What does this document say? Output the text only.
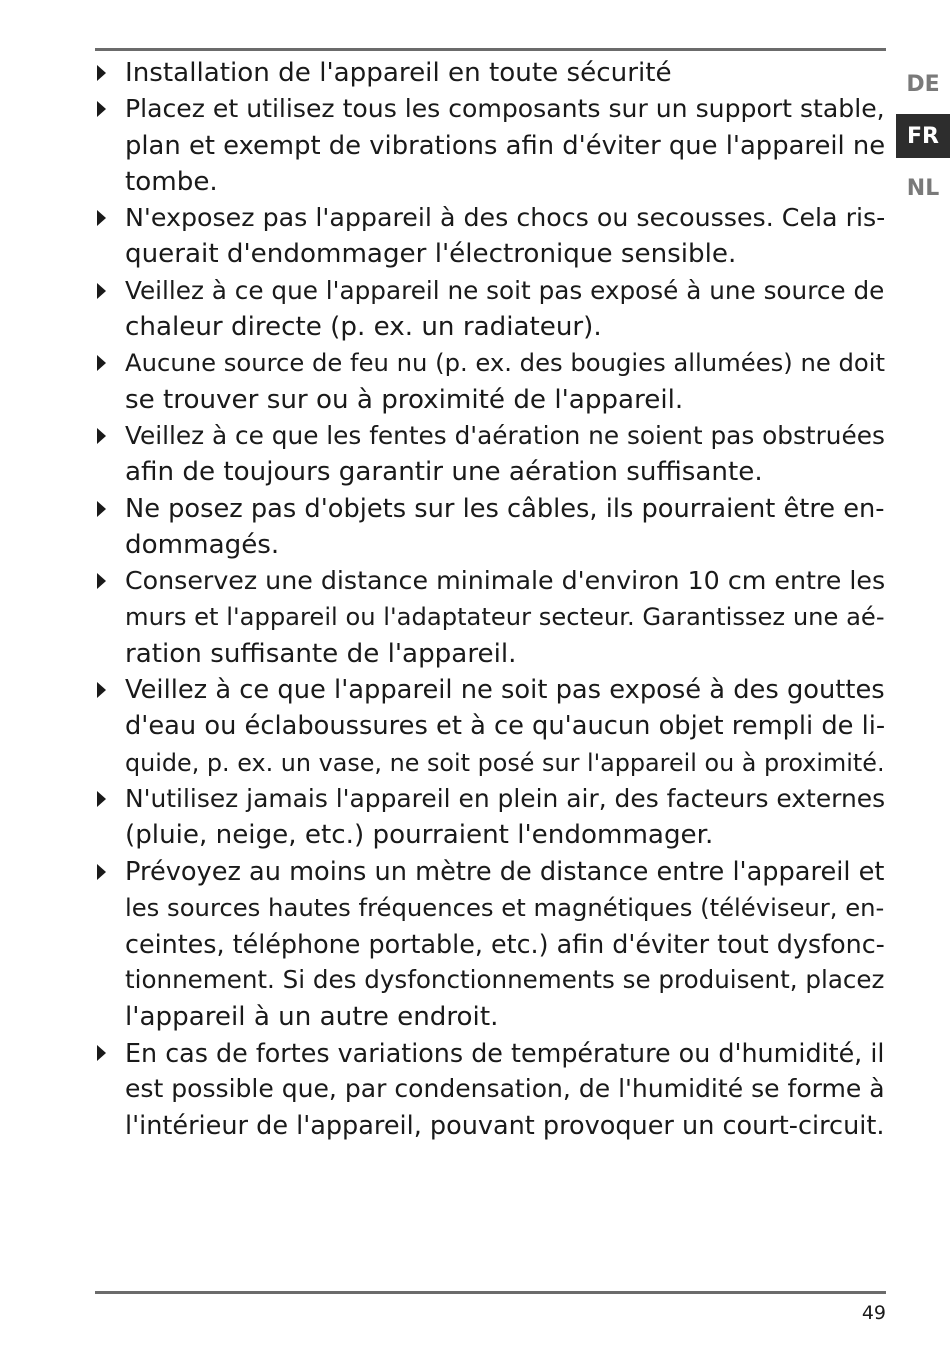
Installation de l'appareil en toute sécurité
Placez et utilisez tous les composants sur un support stable,
plan et exempt de vibrations afin d'éviter que l'appareil ne
tombe.
N'exposez pas l'appareil à des chocs ou secousses. Cela ris-
querait d'endommager l'électronique sensible.
Veillez à ce que l'appareil ne soit pas exposé à une source de
chaleur directe (p. ex. un radiateur).
Aucune source de feu nu (p. ex. des bougies allumées) ne doit
se trouver sur ou à proximité de l'appareil.
Veillez à ce que les fentes d'aération ne soient pas obstruées
afin de toujours garantir une aération suffisante.
Ne posez pas d'objets sur les câbles, ils pourraient être en-
dommagés.
Conservez une distance minimale d'environ 10 cm entre les
murs et l'appareil ou l'adaptateur secteur. Garantissez une aé-
ration suffisante de l'appareil.
Veillez à ce que l'appareil ne soit pas exposé à des gouttes
d'eau ou éclaboussures et à ce qu'aucun objet rempli de li-
quide, p. ex. un vase, ne soit posé sur l'appareil ou à proximité.
N'utilisez jamais l'appareil en plein air, des facteurs externes
(pluie, neige, etc.) pourraient l'endommager.
Prévoyez au moins un mètre de distance entre l'appareil et
les sources hautes fréquences et magnétiques (téléviseur, en-
ceintes, téléphone portable, etc.) afin d'éviter tout dysfonc-
tionnement. Si des dysfonctionnements se produisent, placez
l'appareil à un autre endroit.
En cas de fortes variations de température ou d'humidité, il
est possible que, par condensation, de l'humidité se forme à
l'intérieur de l'appareil, pouvant provoquer un court-circuit.
DE
FR
NL
49
